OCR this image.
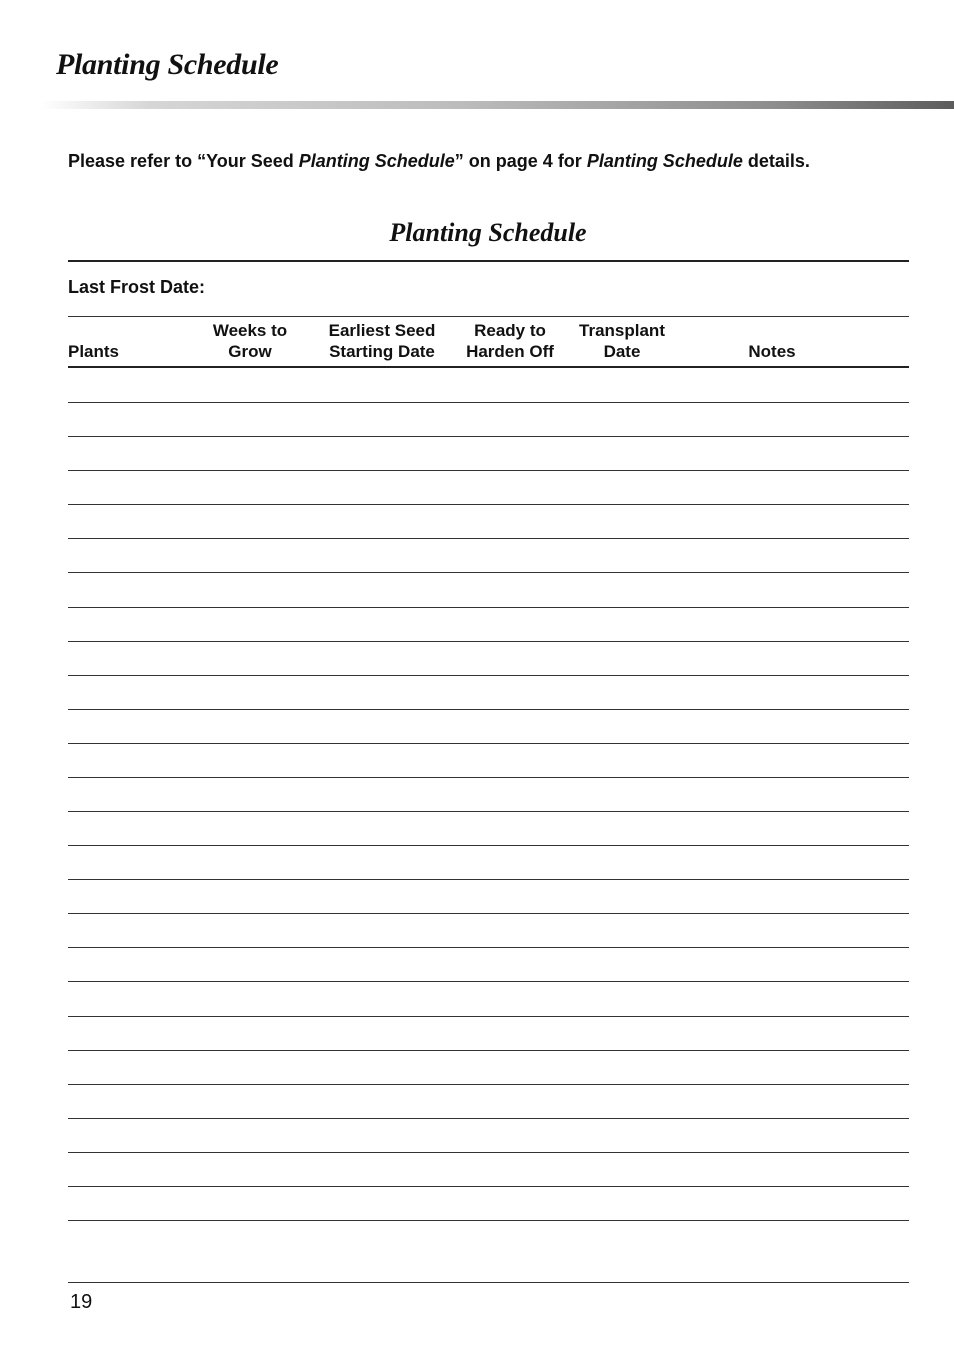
Planting Schedule

Please refer to “Your Seed Planting Schedule” on page 4 for Planting Schedule details.

Planting Schedule
Last Frost Date:

Plants
Weeks to
Grow
Earliest Seed
Starting Date
Ready to
Harden Off
Transplant
Date
	Notes
19
